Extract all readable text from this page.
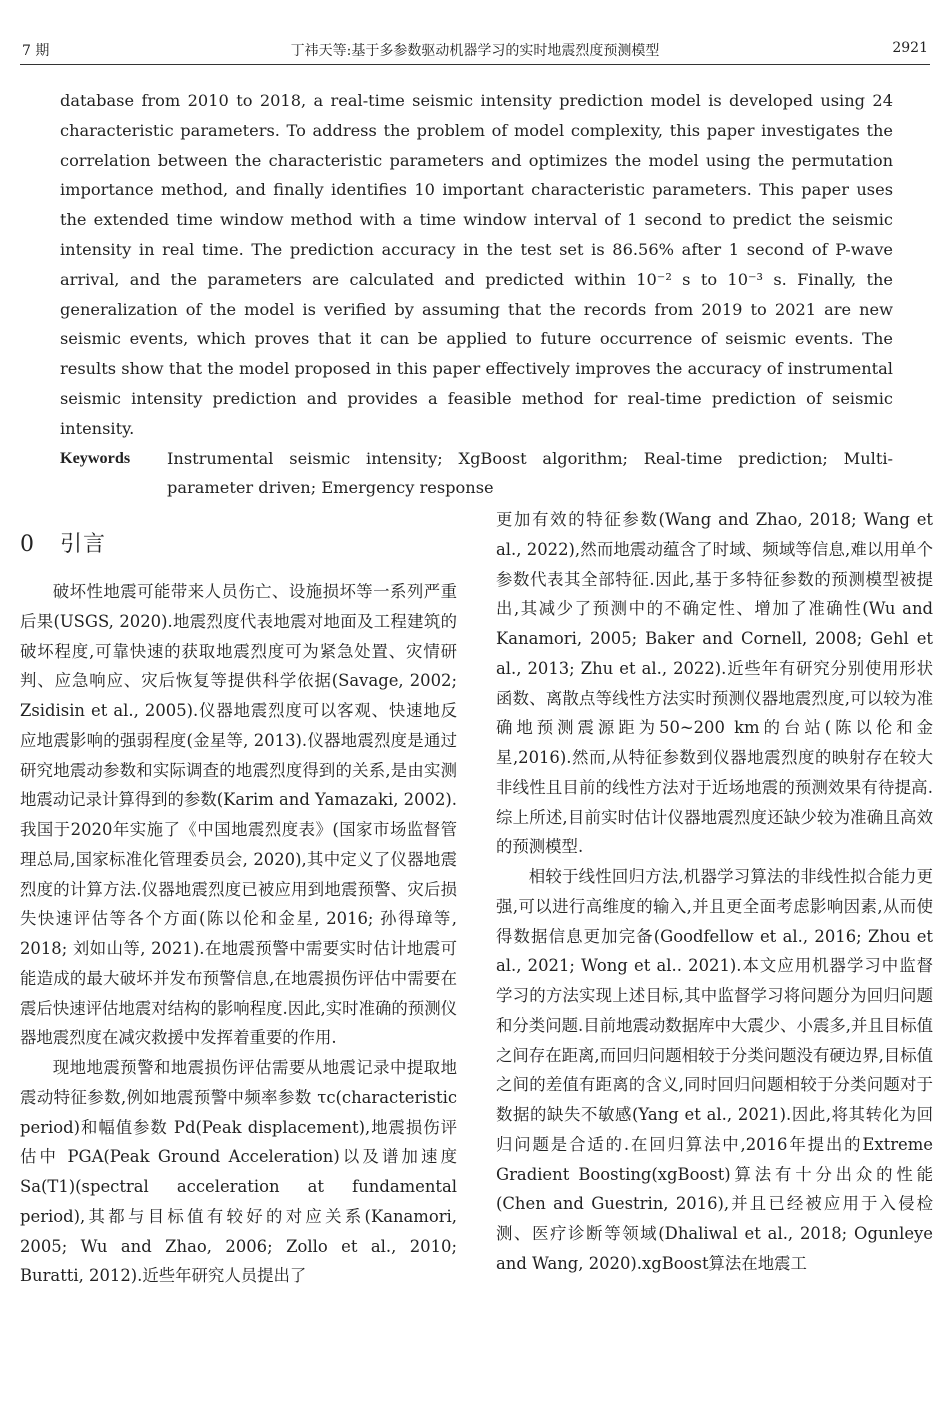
7 期	丁祎天等:基于多参数驱动机器学习的实时地震烈度预测模型	2921

database from 2010 to 2018, a real-time seismic intensity prediction model is developed using 24 characteristic parameters. To address the problem of model complexity, this paper investigates the correlation between the characteristic parameters and optimizes the model using the permutation importance method, and finally identifies 10 important characteristic parameters. This paper uses the extended time window method with a time window interval of 1 second to predict the seismic intensity in real time. The prediction accuracy in the test set is 86.56% after 1 second of P-wave arrival, and the parameters are calculated and predicted within 10⁻² s to 10⁻³ s. Finally, the generalization of the model is verified by assuming that the records from 2019 to 2021 are new seismic events, which proves that it can be applied to future occurrence of seismic events. The results show that the model proposed in this paper effectively improves the accuracy of instrumental seismic intensity prediction and provides a feasible method for real-time prediction of seismic intensity.

Keywords	Instrumental seismic intensity; XgBoost algorithm; Real-time prediction; Multi-parameter driven; Emergency response
0 引言

破坏性地震可能带来人员伤亡、设施损坏等一系列严重后果(USGS, 2020).地震烈度代表地震对地面及工程建筑的破坏程度,可靠快速的获取地震烈度可为紧急处置、灾情研判、应急响应、灾后恢复等提供科学依据(Savage, 2002; Zsidisin et al., 2005).仪器地震烈度可以客观、快速地反应地震影响的强弱程度(金星等, 2013).仪器地震烈度是通过研究地震动参数和实际调查的地震烈度得到的关系,是由实测地震动记录计算得到的参数(Karim and Yamazaki, 2002).我国于2020年实施了《中国地震烈度表》(国家市场监督管理总局,国家标准化管理委员会, 2020),其中定义了仪器地震烈度的计算方法.仪器地震烈度已被应用到地震预警、灾后损失快速评估等各个方面(陈以伦和金星, 2016; 孙得璋等, 2018; 刘如山等, 2021).在地震预警中需要实时估计地震可能造成的最大破坏并发布预警信息,在地震损伤评估中需要在震后快速评估地震对结构的影响程度.因此,实时准确的预测仪器地震烈度在减灾救援中发挥着重要的作用.

现地地震预警和地震损伤评估需要从地震记录中提取地震动特征参数,例如地震预警中频率参数 τc(characteristic period)和幅值参数 Pd(Peak displacement),地震损伤评估中 PGA(Peak Ground Acceleration)以及谱加速度 Sa(T1)(spectral acceleration at fundamental period),其都与目标值有较好的对应关系(Kanamori, 2005; Wu and Zhao, 2006; Zollo et al., 2010; Buratti, 2012).近些年研究人员提出了

更加有效的特征参数(Wang and Zhao, 2018; Wang et al., 2022),然而地震动蕴含了时域、频域等信息,难以用单个参数代表其全部特征.因此,基于多特征参数的预测模型被提出,其减少了预测中的不确定性、增加了准确性(Wu and Kanamori, 2005; Baker and Cornell, 2008; Gehl et al., 2013; Zhu et al., 2022).近些年有研究分别使用形状函数、离散点等线性方法实时预测仪器地震烈度,可以较为准确地预测震源距为50~200 km的台站(陈以伦和金星,2016).然而,从特征参数到仪器地震烈度的映射存在较大非线性且目前的线性方法对于近场地震的预测效果有待提高.综上所述,目前实时估计仪器地震烈度还缺少较为准确且高效的预测模型.

相较于线性回归方法,机器学习算法的非线性拟合能力更强,可以进行高维度的输入,并且更全面考虑影响因素,从而使得数据信息更加完备(Goodfellow et al., 2016; Zhou et al., 2021; Wong et al.. 2021).本文应用机器学习中监督学习的方法实现上述目标,其中监督学习将问题分为回归问题和分类问题.目前地震动数据库中大震少、小震多,并且目标值之间存在距离,而回归问题相较于分类问题没有硬边界,目标值之间的差值有距离的含义,同时回归问题相较于分类问题对于数据的缺失不敏感(Yang et al., 2021).因此,将其转化为回归问题是合适的.在回归算法中,2016年提出的Extreme Gradient Boosting(xgBoost)算法有十分出众的性能(Chen and Guestrin, 2016),并且已经被应用于入侵检测、医疗诊断等领域(Dhaliwal et al., 2018; Ogunleye and Wang, 2020).xgBoost算法在地震工
